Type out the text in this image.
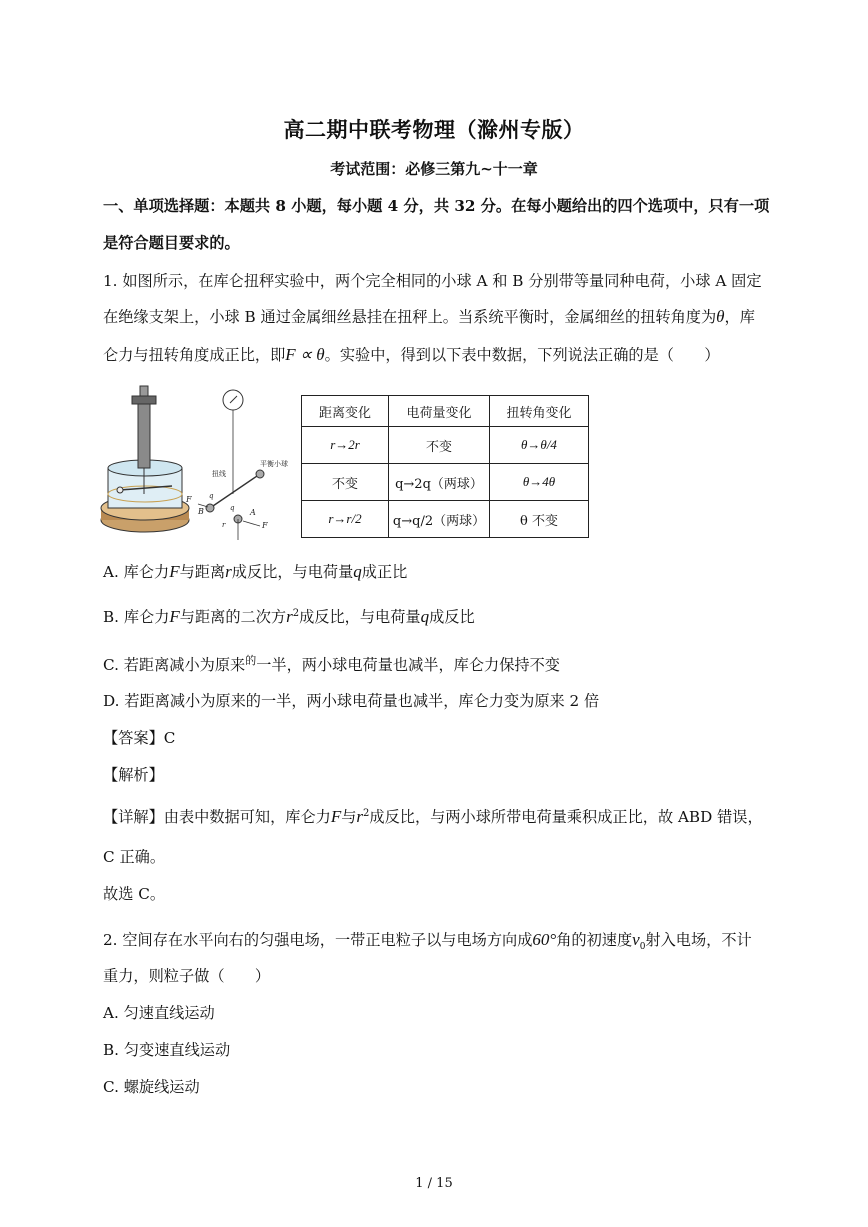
高二期中联考物理（滁州专版）
考试范围：必修三第九~十一章
一、单项选择题：本题共 8 小题，每小题 4 分，共 32 分。在每小题给出的四个选项中，只有一项
是符合题目要求的。
1. 如图所示，在库仑扭秤实验中，两个完全相同的小球 A 和 B 分别带等量同种电荷，小球 A 固定
在绝缘支架上，小球 B 通过金属细丝悬挂在扭秤上。当系统平衡时，金属细丝的扭转角度为θ，库
仑力与扭转角度成正比，即F ∝ θ。实验中，得到以下表中数据，下列说法正确的是（　　）
扭线
平衡小球
F
B
q
q
r
A
F
距离变化	电荷量变化	扭转角变化
r→2r	不变	θ→θ/4
不变	q→2q（两球）	θ→4θ
r→r/2	q→q/2（两球）	θ 不变
A. 库仑力F与距离r成反比，与电荷量q成正比
B. 库仑力F与距离的二次方$r^2$成反比，与电荷量q成反比
C. 若距离减小为原来$^的$一半，两小球电荷量也减半，库仑力保持不变
D. 若距离减小为原来的一半，两小球电荷量也减半，库仑力变为原来 2 倍
【答案】C
【解析】
【详解】由表中数据可知，库仑力F与$r^2$成反比，与两小球所带电荷量乘积成正比，故 ABD 错误，
C 正确。
故选 C。
2. 空间存在水平向右的匀强电场，一带正电粒子以与电场方向成60°角的初速度$v_0$射入电场，不计
重力，则粒子做（　　）
A. 匀速直线运动
B. 匀变速直线运动
C. 螺旋线运动
1 / 15
